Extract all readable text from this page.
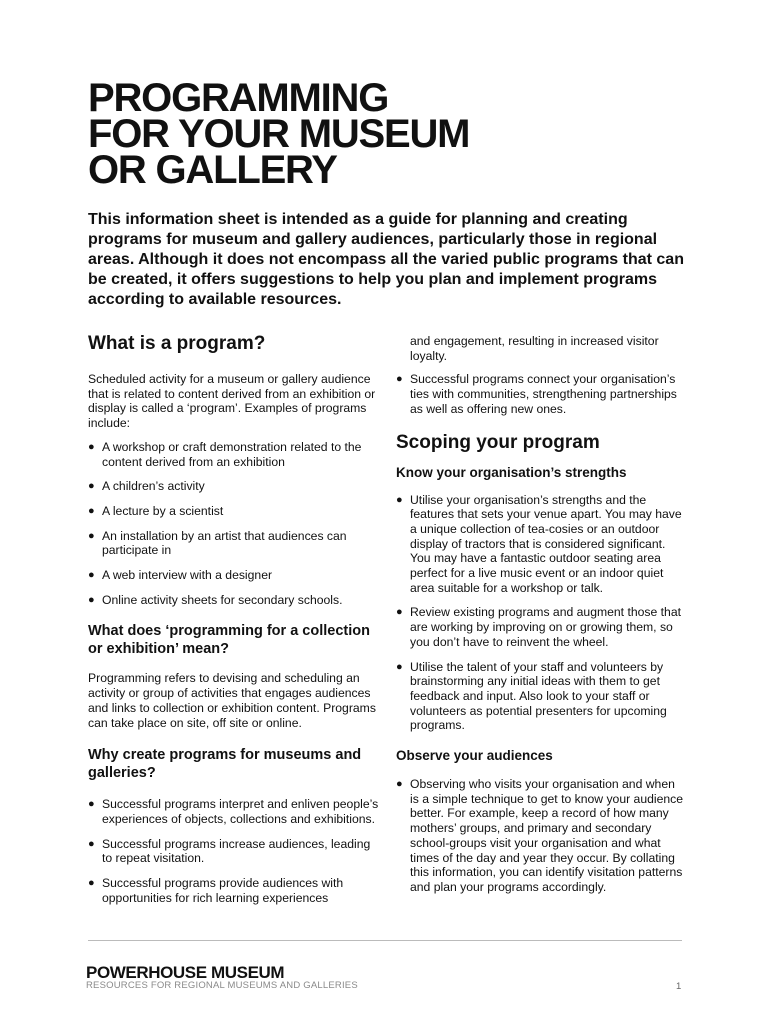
PROGRAMMING
FOR YOUR MUSEUM
OR GALLERY

This information sheet is intended as a guide for planning and creating programs for museum and gallery audiences, particularly those in regional areas. Although it does not encompass all the varied public programs that can be created, it offers suggestions to help you plan and implement programs according to available resources.

What is a program?

Scheduled activity for a museum or gallery audience that is related to content derived from an exhibition or display is called a ‘program’. Examples of programs include:

● A workshop or craft demonstration related to the content derived from an exhibition
● A children’s activity
● A lecture by a scientist
● An installation by an artist that audiences can participate in
● A web interview with a designer
● Online activity sheets for secondary schools.
What does ‘programming for a collection or exhibition’ mean?

Programming refers to devising and scheduling an activity or group of activities that engages audiences and links to collection or exhibition content. Programs can take place on site, off site or online.

Why create programs for museums and galleries?
● Successful programs interpret and enliven people’s experiences of objects, collections and exhibitions.
● Successful programs increase audiences, leading to repeat visitation.
● Successful programs provide audiences with opportunities for rich learning experiences

and engagement, resulting in increased visitor loyalty.

● Successful programs connect your organisation’s ties with communities, strengthening partnerships as well as offering new ones.
Scoping your program
Know your organisation’s strengths
● Utilise your organisation’s strengths and the features that sets your venue apart. You may have a unique collection of tea-cosies or an outdoor display of tractors that is considered significant. You may have a fantastic outdoor seating area perfect for a live music event or an indoor quiet area suitable for a workshop or talk.
● Review existing programs and augment those that are working by improving on or growing them, so you don’t have to reinvent the wheel.
● Utilise the talent of your staff and volunteers by brainstorming any initial ideas with them to get feedback and input. Also look to your staff or volunteers as potential presenters for upcoming programs.
Observe your audiences
● Observing who visits your organisation and when is a simple technique to get to know your audience better. For example, keep a record of how many mothers’ groups, and primary and secondary school-groups visit your organisation and what times of the day and year they occur. By collating this information, you can identify visitation patterns and plan your programs accordingly.
POWERHOUSE MUSEUM
RESOURCES FOR REGIONAL MUSEUMS AND GALLERIES	1
